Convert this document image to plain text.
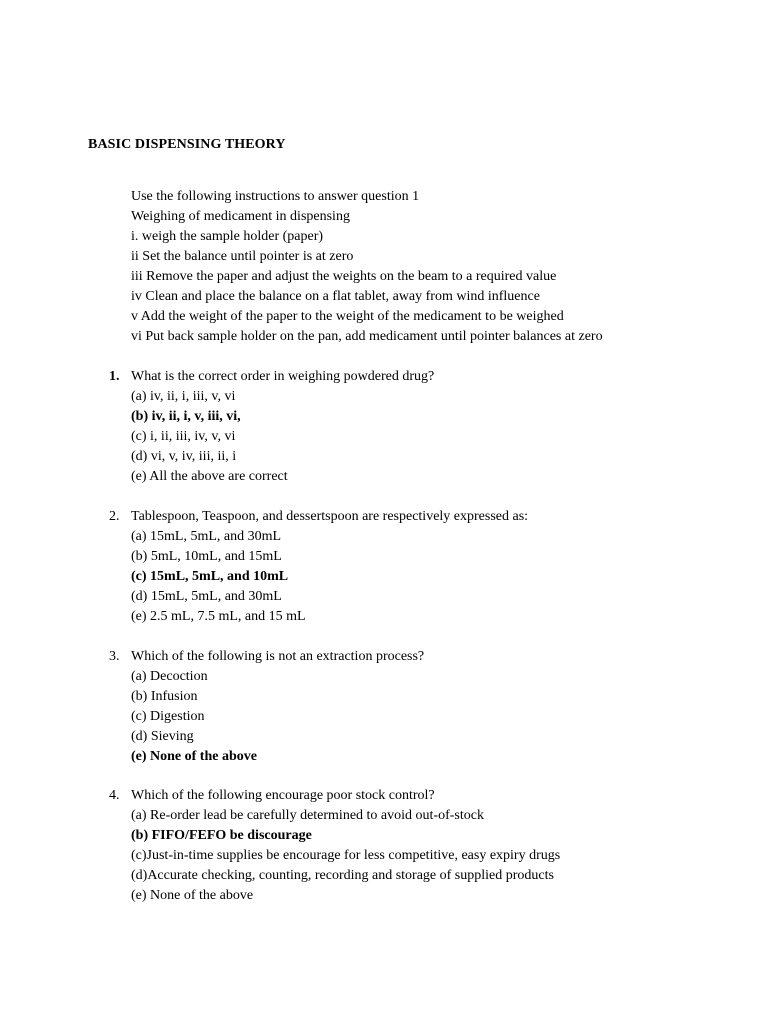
BASIC DISPENSING THEORY
Use the following instructions to answer question 1
Weighing of medicament in dispensing
i. weigh the sample holder (paper)
ii Set the balance until pointer is at zero
iii Remove the paper and adjust the weights on the beam to a required value
iv Clean and place the balance on a flat tablet, away from wind influence
v Add the weight of the paper to the weight of the medicament to be weighed
vi Put back sample holder on the pan, add medicament until pointer balances at zero
1. What is the correct order in weighing powdered drug?
(a) iv, ii, i, iii, v, vi
(b) iv, ii, i, v, iii, vi,
(c) i, ii, iii, iv, v, vi
(d) vi, v, iv, iii, ii, i
(e) All the above are correct
2. Tablespoon, Teaspoon, and dessertspoon are respectively expressed as:
(a) 15mL, 5mL, and 30mL
(b) 5mL, 10mL, and 15mL
(c) 15mL, 5mL, and 10mL
(d) 15mL, 5mL, and 30mL
(e) 2.5 mL, 7.5 mL, and 15 mL
3. Which of the following is not an extraction process?
(a) Decoction
(b) Infusion
(c) Digestion
(d) Sieving
(e) None of the above
4. Which of the following encourage poor stock control?
(a) Re-order lead be carefully determined to avoid out-of-stock
(b) FIFO/FEFO be discourage
(c)Just-in-time supplies be encourage for less competitive, easy expiry drugs
(d)Accurate checking, counting, recording and storage of supplied products
(e) None of the above
